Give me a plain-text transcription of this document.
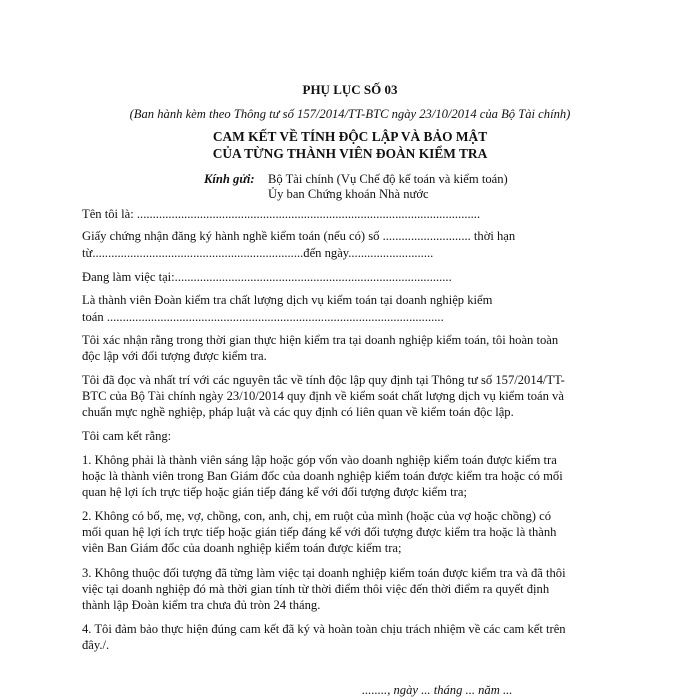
PHỤ LỤC SỐ 03
(Ban hành kèm theo Thông tư số 157/2014/TT-BTC ngày 23/10/2014 của Bộ Tài chính)
CAM KẾT VỀ TÍNH ĐỘC LẬP VÀ BẢO MẬT
CỦA TỪNG THÀNH VIÊN ĐOÀN KIỂM TRA
Kính gửi: Bộ Tài chính (Vụ Chế độ kế toán và kiểm toán)
Ủy ban Chứng khoán Nhà nước
Tên tôi là: .............................................................................................................
Giấy chứng nhận đăng ký hành nghề kiểm toán (nếu có) số ............................ thời hạn
từ...................................................................đến ngày...........................
Đang làm việc tại:........................................................................................
Là thành viên Đoàn kiểm tra chất lượng dịch vụ kiểm toán tại doanh nghiệp kiểm
toán ...........................................................................................................
Tôi xác nhận rằng trong thời gian thực hiện kiểm tra tại doanh nghiệp kiểm toán, tôi hoàn toàn
độc lập với đối tượng được kiểm tra.
Tôi đã đọc và nhất trí với các nguyên tắc về tính độc lập quy định tại Thông tư số 157/2014/TT-
BTC của Bộ Tài chính ngày 23/10/2014 quy định về kiểm soát chất lượng dịch vụ kiểm toán và
chuẩn mực nghề nghiệp, pháp luật và các quy định có liên quan về kiểm toán độc lập.
Tôi cam kết rằng:
1. Không phải là thành viên sáng lập hoặc góp vốn vào doanh nghiệp kiểm toán được kiểm tra
hoặc là thành viên trong Ban Giám đốc của doanh nghiệp kiểm toán được kiểm tra hoặc có mối
quan hệ lợi ích trực tiếp hoặc gián tiếp đáng kể với đối tượng được kiểm tra;
2. Không có bố, mẹ, vợ, chồng, con, anh, chị, em ruột của mình (hoặc của vợ hoặc chồng) có
mối quan hệ lợi ích trực tiếp hoặc gián tiếp đáng kể với đối tượng được kiểm tra hoặc là thành
viên Ban Giám đốc của doanh nghiệp kiểm toán được kiểm tra;
3. Không thuộc đối tượng đã từng làm việc tại doanh nghiệp kiểm toán được kiểm tra và đã thôi
việc tại doanh nghiệp đó mà thời gian tính từ thời điểm thôi việc đến thời điểm ra quyết định
thành lập Đoàn kiểm tra chưa đủ tròn 24 tháng.
4. Tôi đảm bảo thực hiện đúng cam kết đã ký và hoàn toàn chịu trách nhiệm về các cam kết trên
đây./.
........, ngày ... tháng ... năm ...
